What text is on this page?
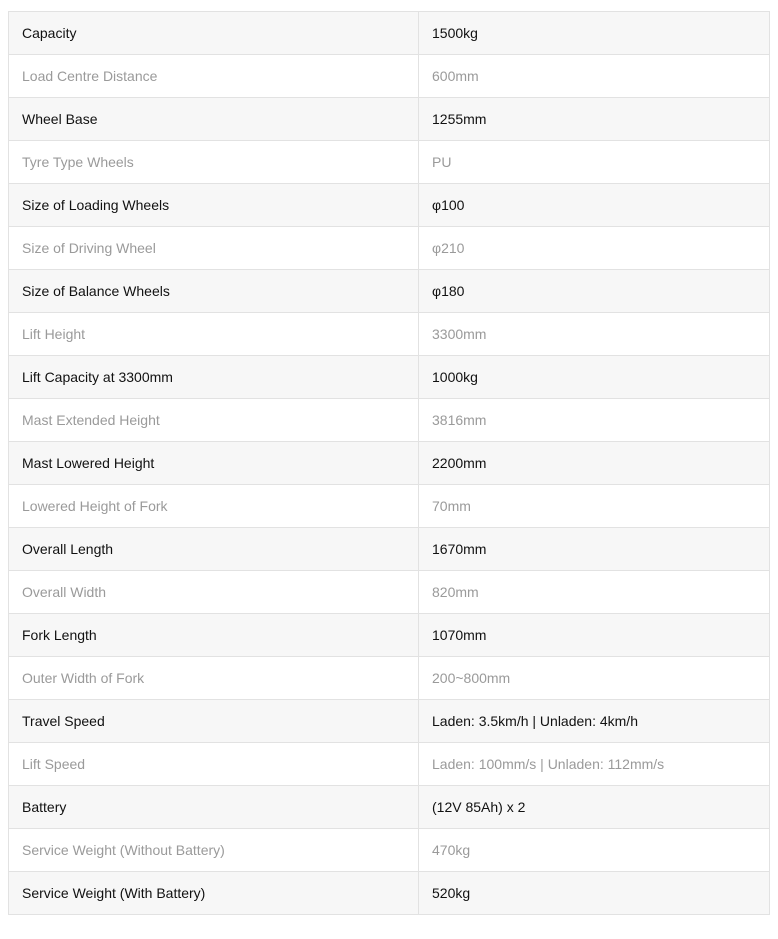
Capacity	1500kg
Load Centre Distance	600mm
Wheel Base	1255mm
Tyre Type Wheels	PU
Size of Loading Wheels	φ100
Size of Driving Wheel	φ210
Size of Balance Wheels	φ180
Lift Height	3300mm
Lift Capacity at 3300mm	1000kg
Mast Extended Height	3816mm
Mast Lowered Height	2200mm
Lowered Height of Fork	70mm
Overall Length	1670mm
Overall Width	820mm
Fork Length	1070mm
Outer Width of Fork	200~800mm
Travel Speed	Laden: 3.5km/h | Unladen: 4km/h
Lift Speed	Laden: 100mm/s | Unladen: 112mm/s
Battery	(12V 85Ah) x 2
Service Weight (Without Battery)	470kg
Service Weight (With Battery)	520kg
